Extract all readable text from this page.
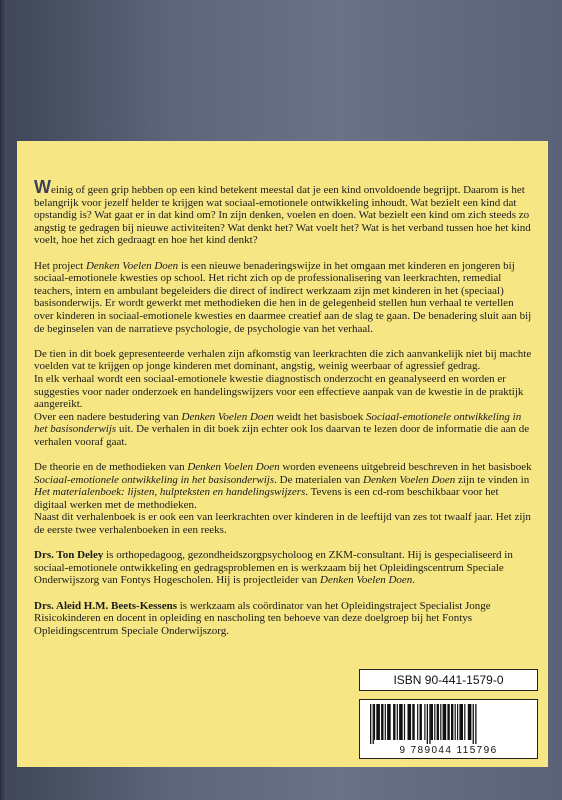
Weinig of geen grip hebben op een kind betekent meestal dat je een kind onvoldoende begrijpt. Daarom is het belangrijk voor jezelf helder te krijgen wat sociaal-emotionele ontwikkeling inhoudt. Wat bezielt een kind dat opstandig is? Wat gaat er in dat kind om? In zijn denken, voelen en doen. Wat bezielt een kind om zich steeds zo angstig te gedragen bij nieuwe activiteiten? Wat denkt het? Wat voelt het? Wat is het verband tussen hoe het kind voelt, hoe het zich gedraagt en hoe het kind denkt?

Het project Denken Voelen Doen is een nieuwe benaderingswijze in het omgaan met kinderen en jongeren bij sociaal-emotionele kwesties op school. Het richt zich op de professionalisering van leerkrachten, remedial teachers, intern en ambulant begeleiders die direct of indirect werkzaam zijn met kinderen in het (speciaal) basisonderwijs. Er wordt gewerkt met methodieken die hen in de gelegenheid stellen hun verhaal te vertellen over kinderen in sociaal-emotionele kwesties en daarmee creatief aan de slag te gaan. De benadering sluit aan bij de beginselen van de narratieve psychologie, de psychologie van het verhaal.

De tien in dit boek gepresenteerde verhalen zijn afkomstig van leerkrachten die zich aanvankelijk niet bij machte voelden vat te krijgen op jonge kinderen met dominant, angstig, weinig weerbaar of agressief gedrag.
In elk verhaal wordt een sociaal-emotionele kwestie diagnostisch onderzocht en geanalyseerd en worden er suggesties voor nader onderzoek en handelingswijzers voor een effectieve aanpak van de kwestie in de praktijk aangereikt.
Over een nadere bestudering van Denken Voelen Doen weidt het basisboek Sociaal-emotionele ontwikkeling in het basisonderwijs uit. De verhalen in dit boek zijn echter ook los daarvan te lezen door de informatie die aan de verhalen vooraf gaat.

De theorie en de methodieken van Denken Voelen Doen worden eveneens uitgebreid beschreven in het basisboek Sociaal-emotionele ontwikkeling in het basisonderwijs. De materialen van Denken Voelen Doen zijn te vinden in Het materialenboek: lijsten, hulpteksten en handelingswijzers. Tevens is een cd-rom beschikbaar voor het digitaal werken met de methodieken.
Naast dit verhalenboek is er ook een van leerkrachten over kinderen in de leeftijd van zes tot twaalf jaar. Het zijn de eerste twee verhalenboeken in een reeks.

Drs. Ton Deley is orthopedagoog, gezondheidszorgpsycholoog en ZKM-consultant. Hij is gespecialiseerd in sociaal-emotionele ontwikkeling en gedragsproblemen en is werkzaam bij het Opleidingscentrum Speciale Onderwijszorg van Fontys Hogescholen. Hij is projectleider van Denken Voelen Doen.

Drs. Aleid H.M. Beets-Kessens is werkzaam als coördinator van het Opleidingstraject Specialist Jonge Risicokinderen en docent in opleiding en nascholing ten behoeve van deze doelgroep bij het Fontys Opleidingscentrum Speciale Onderwijszorg.

ISBN 90-441-1579-0
9 789044 115796
